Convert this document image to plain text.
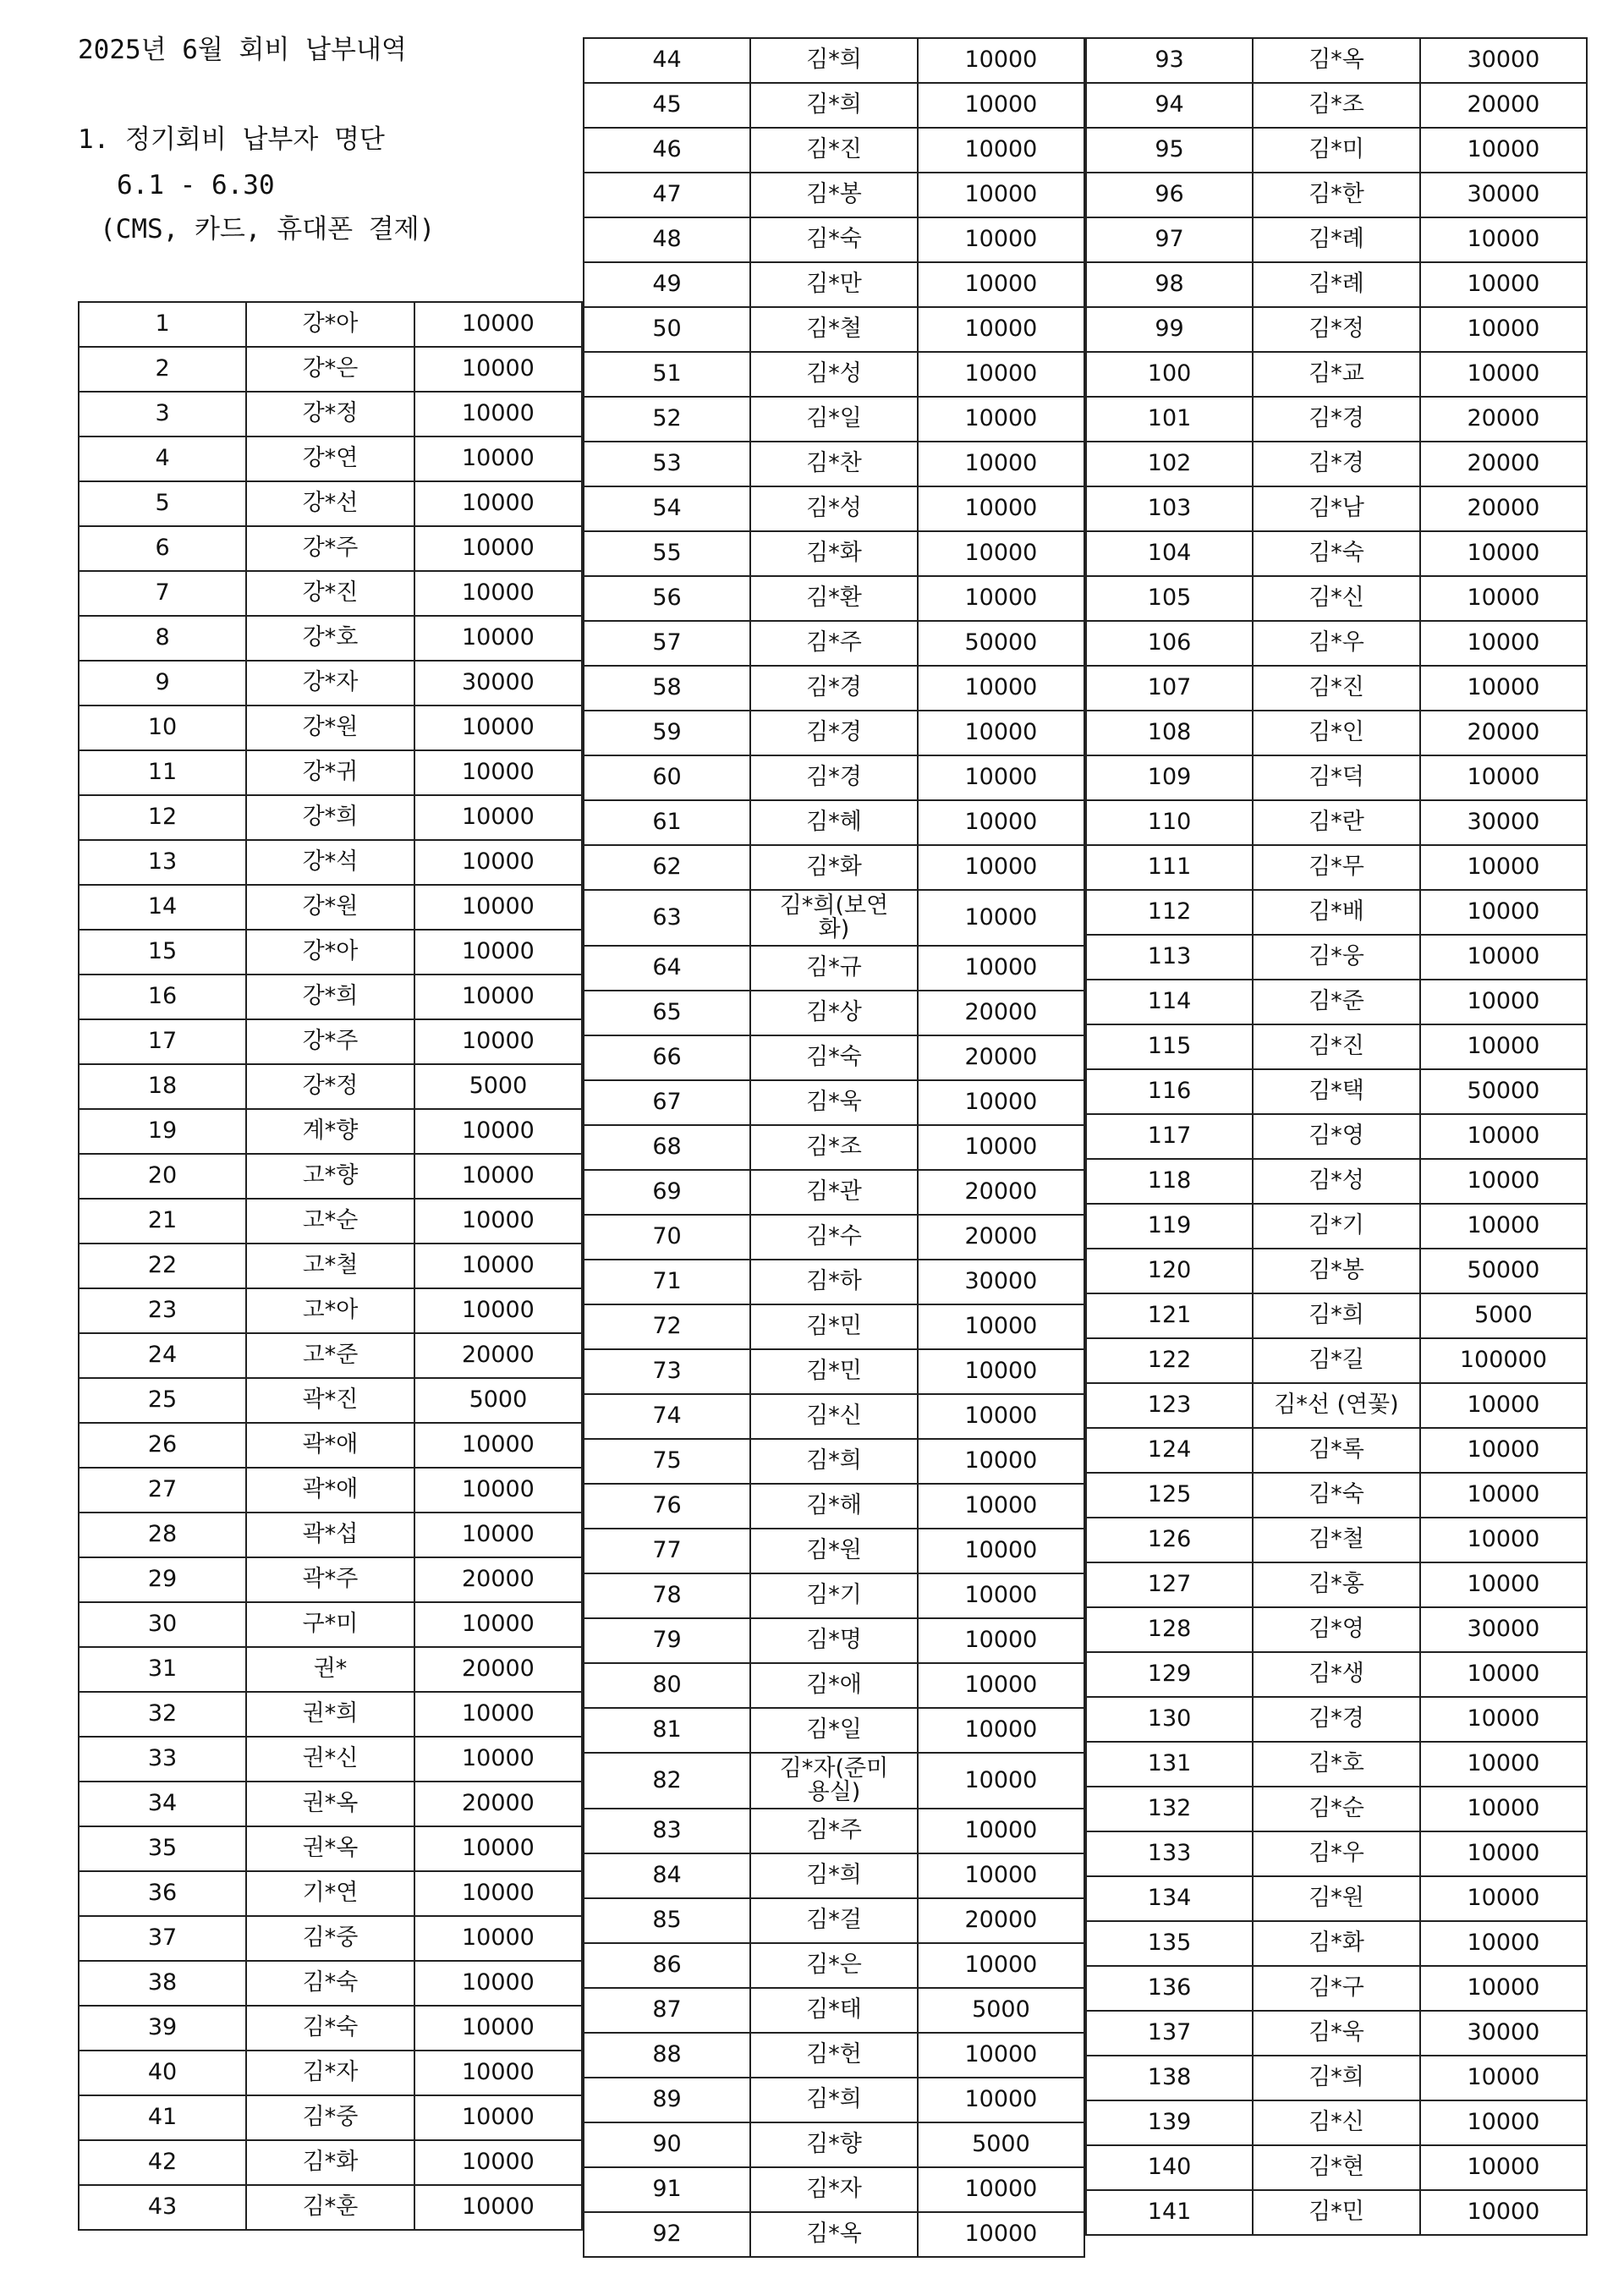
2025년 6월 회비 납부내역
1. 정기회비 납부자 명단
6.1 - 6.30
(CMS, 카드, 휴대폰 결제)
1	강*아	10000
2	강*은	10000
3	강*정	10000
4	강*연	10000
5	강*선	10000
6	강*주	10000
7	강*진	10000
8	강*호	10000
9	강*자	30000
10	강*원	10000
11	강*귀	10000
12	강*희	10000
13	강*석	10000
14	강*원	10000
15	강*아	10000
16	강*희	10000
17	강*주	10000
18	강*정	5000
19	계*향	10000
20	고*향	10000
21	고*순	10000
22	고*철	10000
23	고*아	10000
24	고*준	20000
25	곽*진	5000
26	곽*애	10000
27	곽*애	10000
28	곽*섭	10000
29	곽*주	20000
30	구*미	10000
31	권*	20000
32	권*희	10000
33	권*신	10000
34	권*옥	20000
35	권*옥	10000
36	기*연	10000
37	김*중	10000
38	김*숙	10000
39	김*숙	10000
40	김*자	10000
41	김*중	10000
42	김*화	10000
43	김*훈	10000
44	김*희	10000
45	김*희	10000
46	김*진	10000
47	김*봉	10000
48	김*숙	10000
49	김*만	10000
50	김*철	10000
51	김*성	10000
52	김*일	10000
53	김*찬	10000
54	김*성	10000
55	김*화	10000
56	김*환	10000
57	김*주	50000
58	김*경	10000
59	김*경	10000
60	김*경	10000
61	김*혜	10000
62	김*화	10000
63	김*희(보연화)	10000
64	김*규	10000
65	김*상	20000
66	김*숙	20000
67	김*욱	10000
68	김*조	10000
69	김*관	20000
70	김*수	20000
71	김*하	30000
72	김*민	10000
73	김*민	10000
74	김*신	10000
75	김*희	10000
76	김*해	10000
77	김*원	10000
78	김*기	10000
79	김*명	10000
80	김*애	10000
81	김*일	10000
82	김*자(준미용실)	10000
83	김*주	10000
84	김*희	10000
85	김*걸	20000
86	김*은	10000
87	김*태	5000
88	김*헌	10000
89	김*희	10000
90	김*향	5000
91	김*자	10000
92	김*옥	10000
93	김*옥	30000
94	김*조	20000
95	김*미	10000
96	김*한	30000
97	김*례	10000
98	김*례	10000
99	김*정	10000
100	김*교	10000
101	김*경	20000
102	김*경	20000
103	김*남	20000
104	김*숙	10000
105	김*신	10000
106	김*우	10000
107	김*진	10000
108	김*인	20000
109	김*덕	10000
110	김*란	30000
111	김*무	10000
112	김*배	10000
113	김*웅	10000
114	김*준	10000
115	김*진	10000
116	김*택	50000
117	김*영	10000
118	김*성	10000
119	김*기	10000
120	김*봉	50000
121	김*희	5000
122	김*길	100000
123	김*선 (연꽃)	10000
124	김*록	10000
125	김*숙	10000
126	김*철	10000
127	김*홍	10000
128	김*영	30000
129	김*생	10000
130	김*경	10000
131	김*호	10000
132	김*순	10000
133	김*우	10000
134	김*원	10000
135	김*화	10000
136	김*구	10000
137	김*욱	30000
138	김*희	10000
139	김*신	10000
140	김*현	10000
141	김*민	10000
